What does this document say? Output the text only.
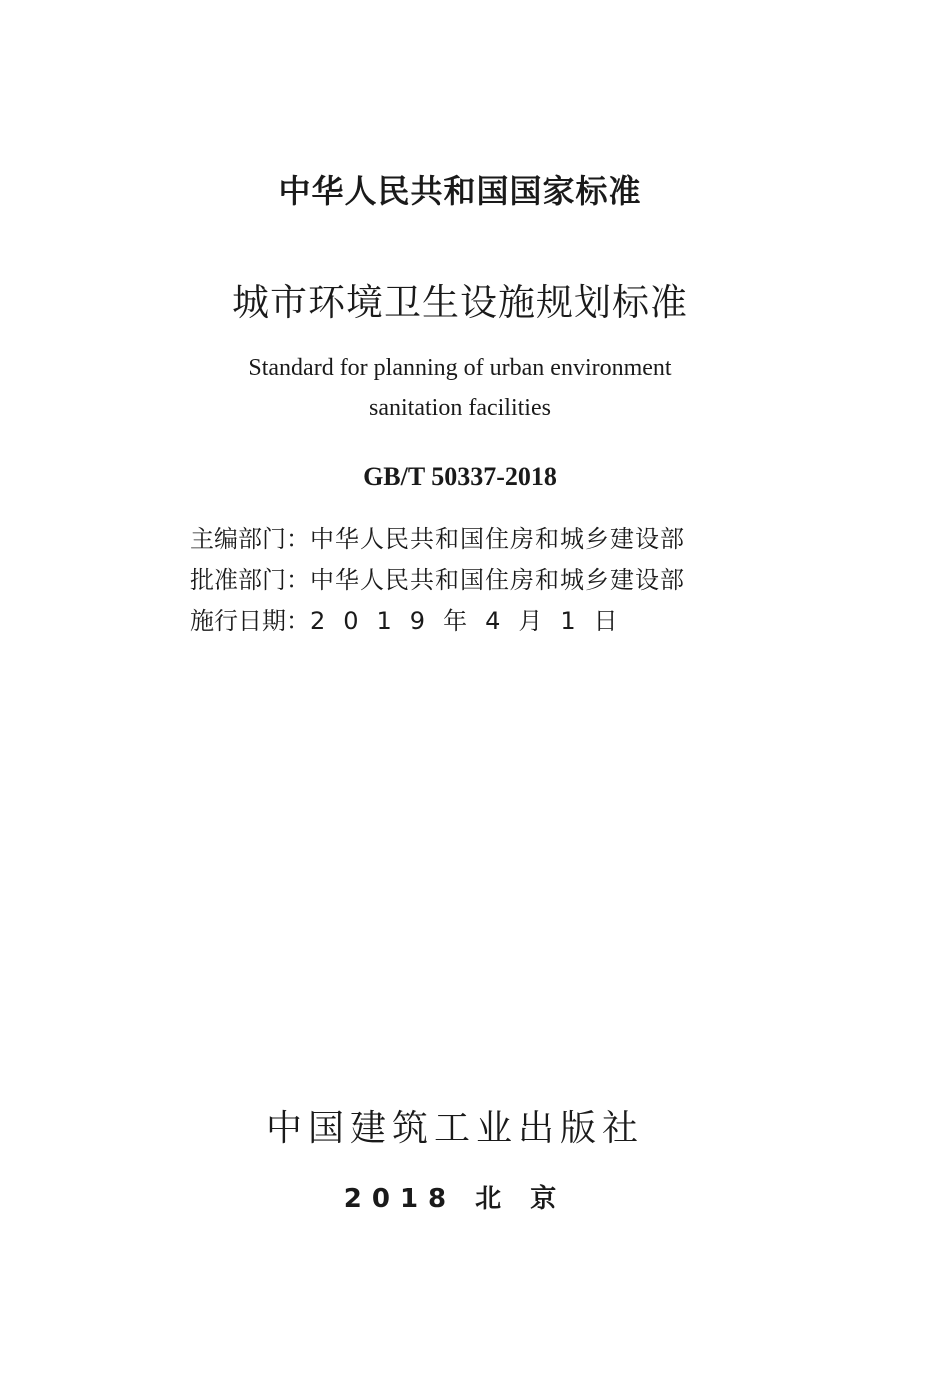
中华人民共和国国家标准
城市环境卫生设施规划标准
Standard for planning of urban environment
sanitation facilities
GB/T 50337-2018
主编部门： 中华人民共和国住房和城乡建设部
批准部门： 中华人民共和国住房和城乡建设部
施行日期： 2019年4月1日
中国建筑工业出版社
2018 北 京
